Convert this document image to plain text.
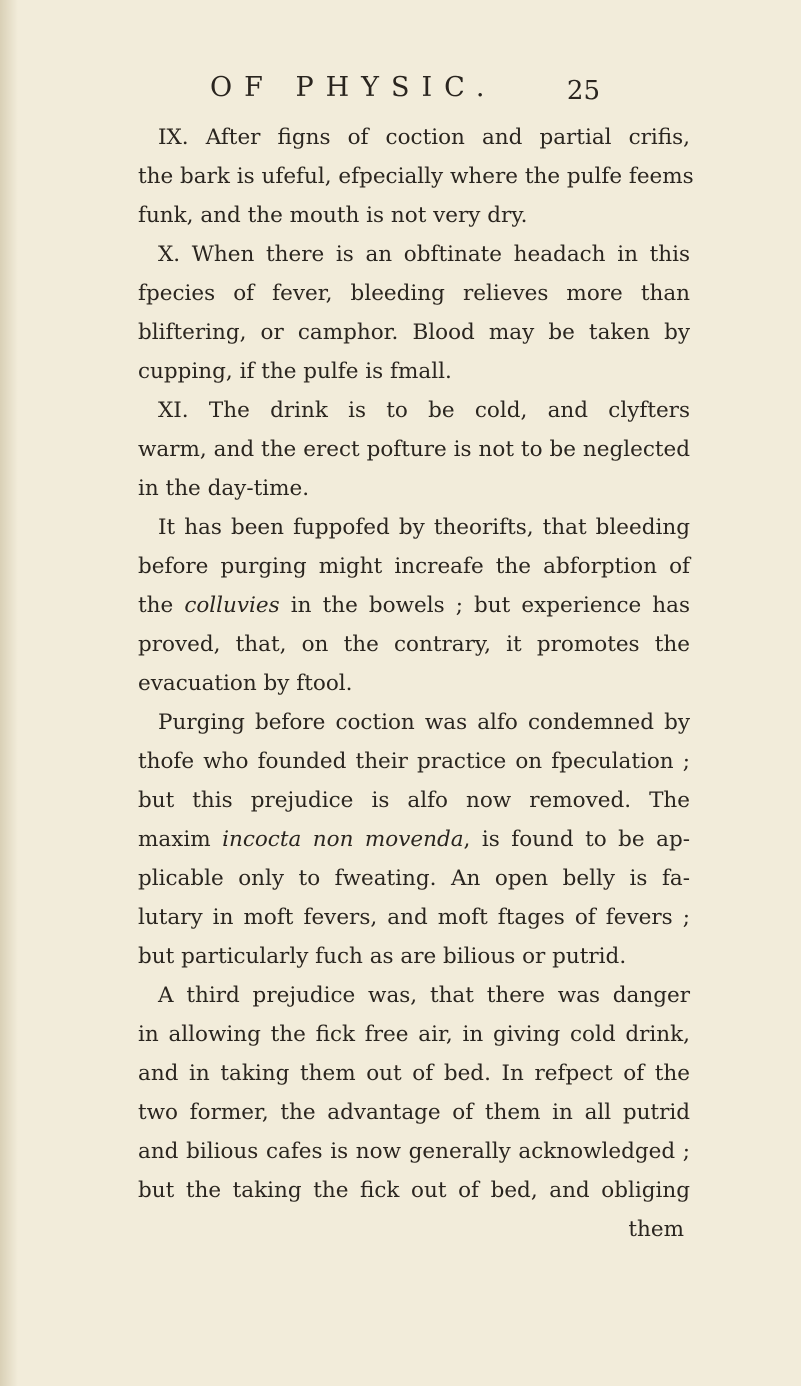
OF PHYSIC.	25
IX. After figns of coction and partial crifis,
the bark is ufeful, efpecially where the pulfe feems
funk, and the mouth is not very dry.
X. When there is an obftinate headach in this
fpecies of fever, bleeding relieves more than
bliftering, or camphor. Blood may be taken by
cupping, if the pulfe is fmall.
XI. The drink is to be cold, and clyfters
warm, and the erect pofture is not to be neglected
in the day-time.
It has been fuppofed by theorifts, that bleeding
before purging might increafe the abforption of
the colluvies in the bowels ; but experience has
proved, that, on the contrary, it promotes the
evacuation by ftool.
Purging before coction was alfo condemned by
thofe who founded their practice on fpeculation ;
but this prejudice is alfo now removed. The
maxim incocta non movenda, is found to be ap-
plicable only to fweating. An open belly is fa-
lutary in moft fevers, and moft ftages of fevers ;
but particularly fuch as are bilious or putrid.
A third prejudice was, that there was danger
in allowing the fick free air, in giving cold drink,
and in taking them out of bed. In refpect of the
two former, the advantage of them in all putrid
and bilious cafes is now generally acknowledged ;
but the taking the fick out of bed, and obliging
them
